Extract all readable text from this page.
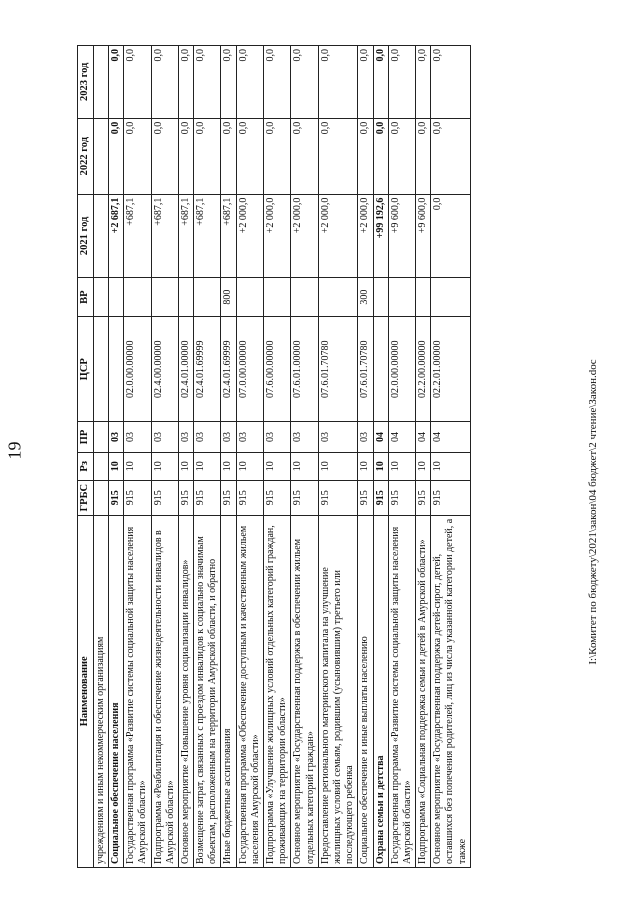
19
Наименование	ГРБС	Рз	ПР	ЦСР	ВР	2021 год	2022 год	2023 год
учреждениям и иным некоммерческим организациям								
Социальное обеспечение населения	915	10	03			+2 687,1	0,0	0,0
Государственная программа «Развитие системы социальной защиты населения Амурской области»	915	10	03	02.0.00.00000		+687,1	0,0	0,0
Подпрограмма «Реабилитация и обеспечение жизнедеятельности инвалидов в Амурской области»	915	10	03	02.4.00.00000		+687,1	0,0	0,0
Основное мероприятие «Повышение уровня социализации инвалидов»	915	10	03	02.4.01.00000		+687,1	0,0	0,0
Возмещение затрат, связанных с проездом инвалидов к социально значимым объектам, расположенным на территории Амурской области, и обратно	915	10	03	02.4.01.69999		+687,1	0,0	0,0
Иные бюджетные ассигнования	915	10	03	02.4.01.69999	800	+687,1	0,0	0,0
Государственная программа «Обеспечение доступным и качественным жильем населения Амурской области»	915	10	03	07.0.00.00000		+2 000,0	0,0	0,0
Подпрограмма «Улучшение жилищных условий отдельных категорий граждан, проживающих на территории области»	915	10	03	07.6.00.00000		+2 000,0	0,0	0,0
Основное мероприятие «Государственная поддержка в обеспечении жильем отдельных категорий граждан»	915	10	03	07.6.01.00000		+2 000,0	0,0	0,0
Предоставление регионального материнского капитала на улучшение жилищных условий семьям, родившим (усыновившим) третьего или последующего ребенка	915	10	03	07.6.01.70780		+2 000,0	0,0	0,0
Социальное обеспечение и иные выплаты населению	915	10	03	07.6.01.70780	300	+2 000,0	0,0	0,0
Охрана семьи и детства	915	10	04			+99 192,6	0,0	0,0
Государственная программа «Развитие системы социальной защиты населения Амурской области»	915	10	04	02.0.00.00000		+9 600,0	0,0	0,0
Подпрограмма «Социальная поддержка семьи и детей в Амурской области»	915	10	04	02.2.00.00000		+9 600,0	0,0	0,0
Основное мероприятие «Государственная поддержка детей-сирот, детей, оставшихся без попечения родителей, лиц из числа указанной категории детей, а также	915	10	04	02.2.01.00000		0,0	0,0	0,0
I:\Комитет по бюджету\2021\закон\04 бюджет\2 чтение\Закон.doc
